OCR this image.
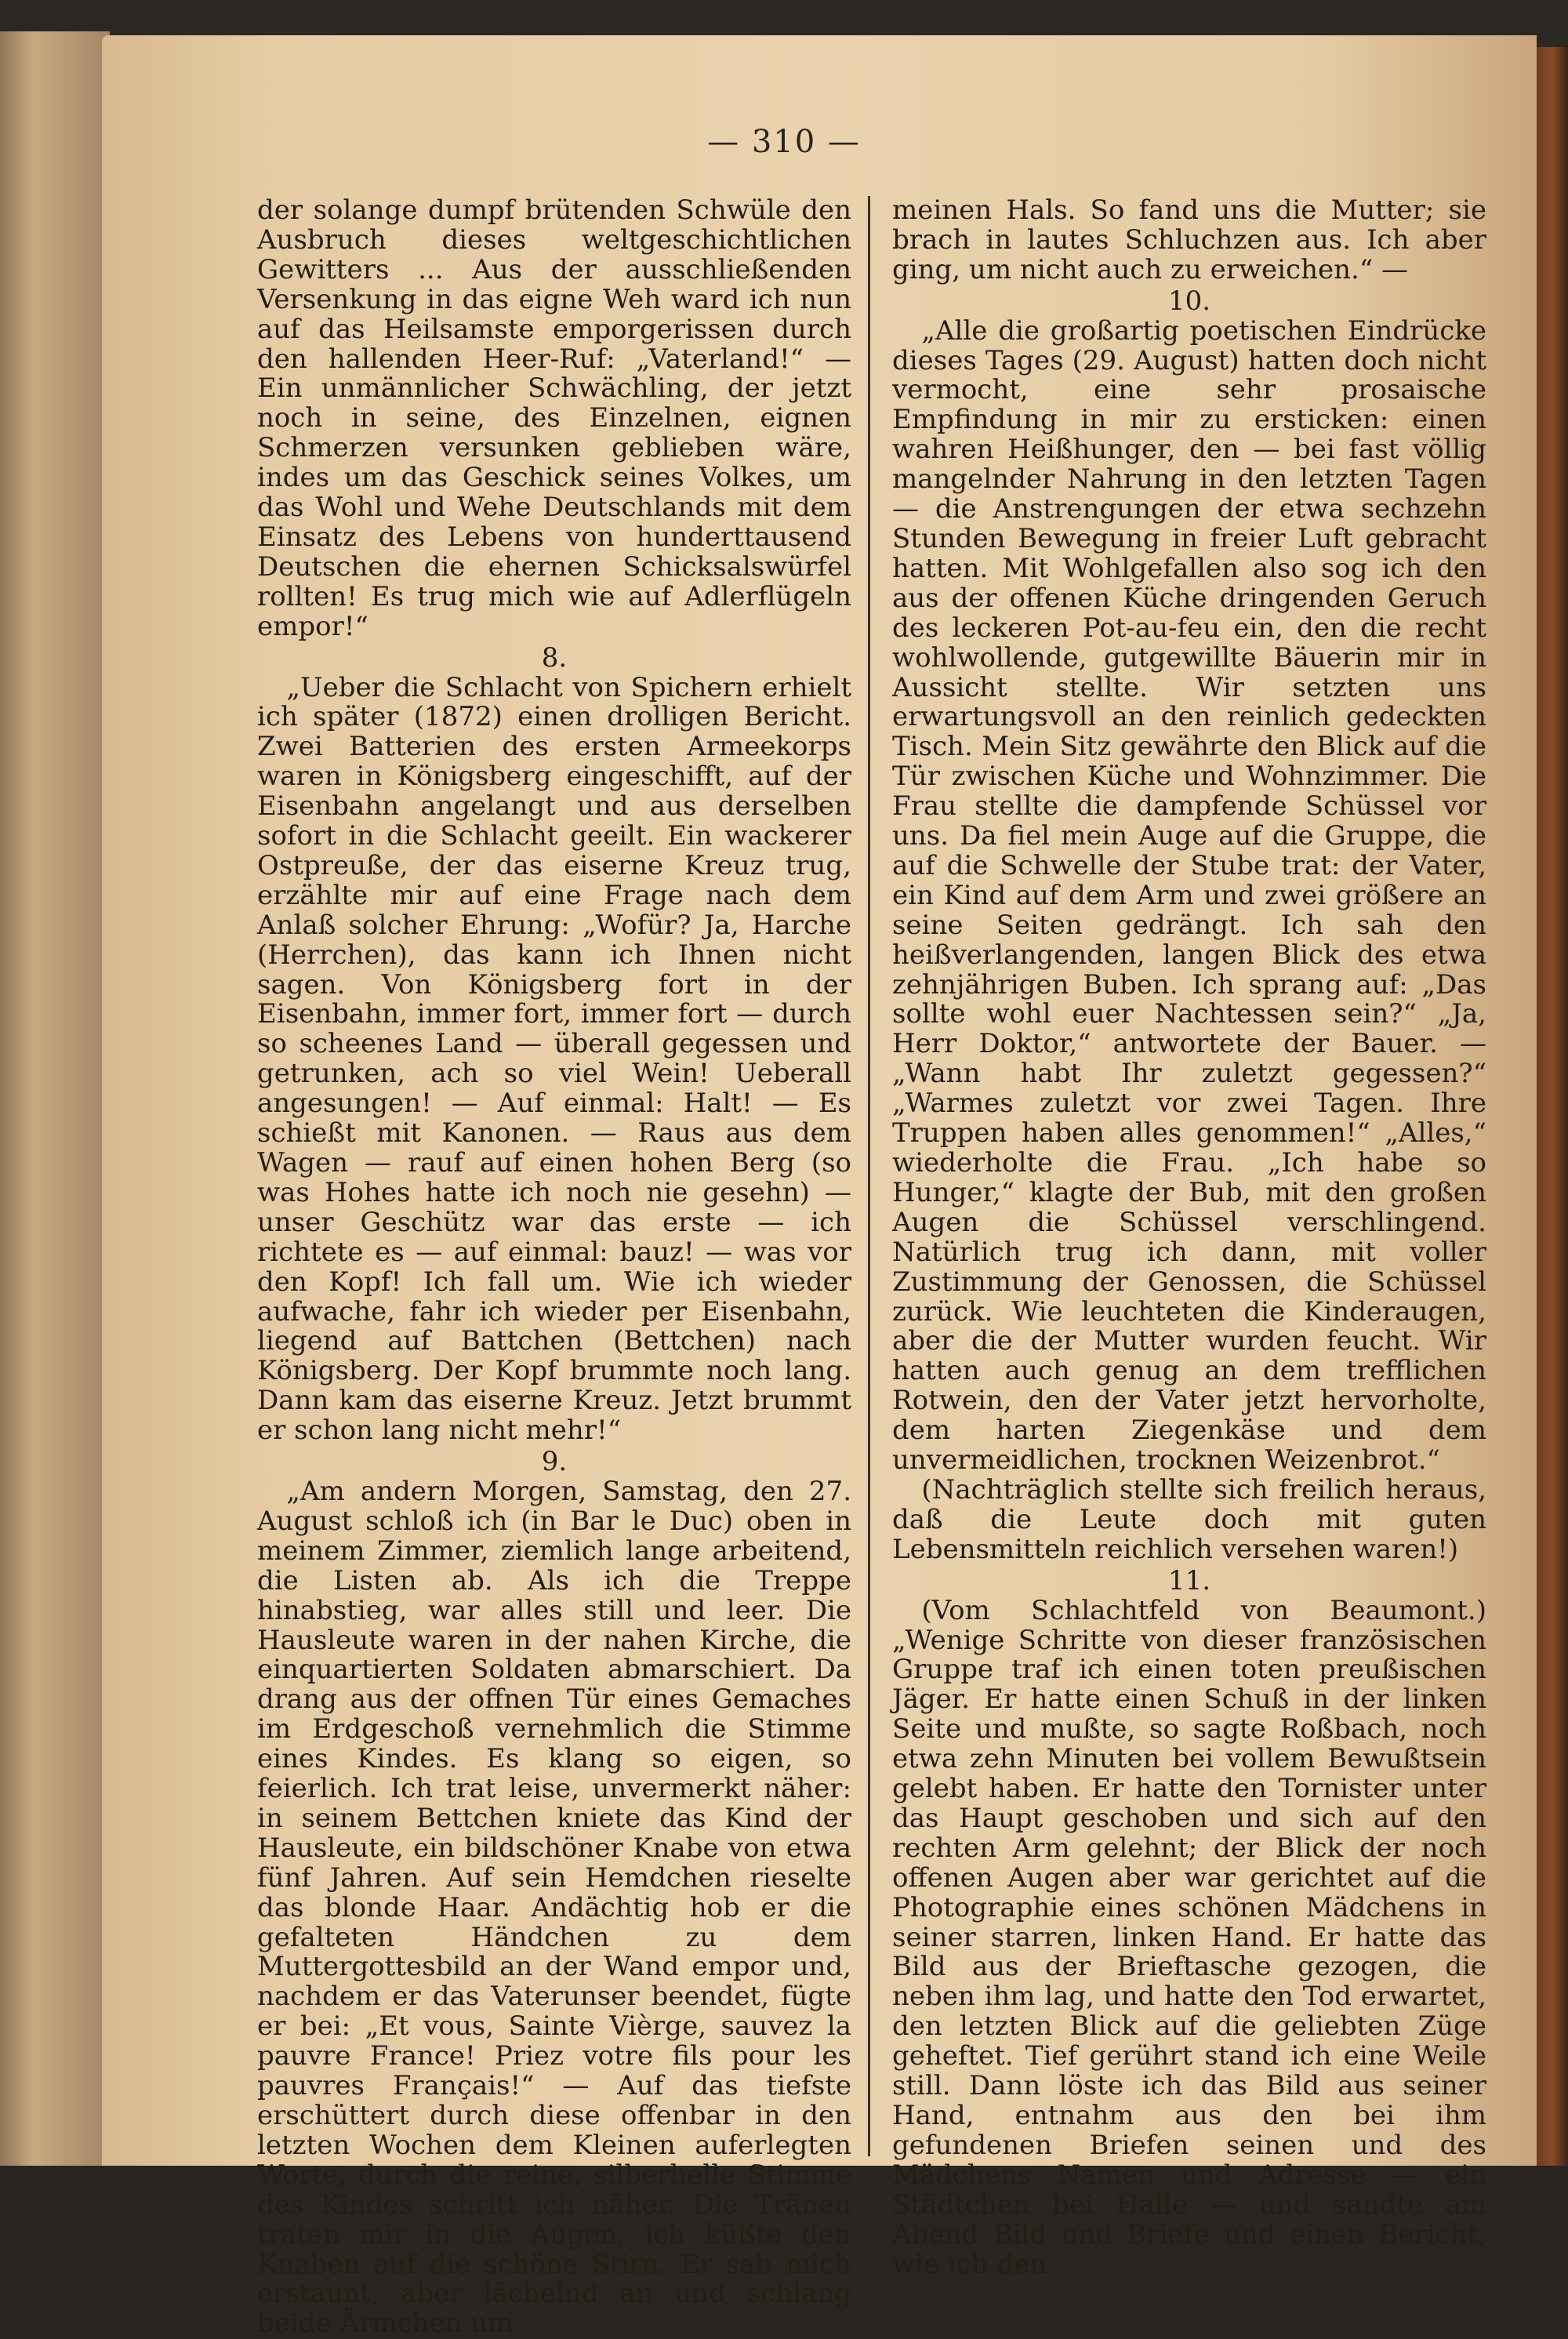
— 310 —

der solange dumpf brütenden Schwüle den Ausbruch dieses weltgeschichtlichen Gewitters ... Aus der ausschließenden Versenkung in das eigne Weh ward ich nun auf das Heilsamste emporgerissen durch den hallenden Heer-Ruf: „Vaterland!“ — Ein unmännlicher Schwächling, der jetzt noch in seine, des Einzelnen, eignen Schmerzen versunken geblieben wäre, indes um das Geschick seines Volkes, um das Wohl und Wehe Deutschlands mit dem Einsatz des Lebens von hunderttausend Deutschen die ehernen Schicksalswürfel rollten! Es trug mich wie auf Adlerflügeln empor!“

8.

„Ueber die Schlacht von Spichern erhielt ich später (1872) einen drolligen Bericht. Zwei Batterien des ersten Armeekorps waren in Königsberg eingeschifft, auf der Eisenbahn angelangt und aus derselben sofort in die Schlacht geeilt. Ein wackerer Ostpreuße, der das eiserne Kreuz trug, erzählte mir auf eine Frage nach dem Anlaß solcher Ehrung: „Wofür? Ja, Harche (Herrchen), das kann ich Ihnen nicht sagen. Von Königsberg fort in der Eisenbahn, immer fort, immer fort — durch so scheenes Land — überall gegessen und getrunken, ach so viel Wein! Ueberall angesungen! — Auf einmal: Halt! — Es schießt mit Kanonen. — Raus aus dem Wagen — rauf auf einen hohen Berg (so was Hohes hatte ich noch nie gesehn) — unser Geschütz war das erste — ich richtete es — auf einmal: bauz! — was vor den Kopf! Ich fall um. Wie ich wieder aufwache, fahr ich wieder per Eisenbahn, liegend auf Battchen (Bettchen) nach Königsberg. Der Kopf brummte noch lang. Dann kam das eiserne Kreuz. Jetzt brummt er schon lang nicht mehr!“

9.

„Am andern Morgen, Samstag, den 27. August schloß ich (in Bar le Duc) oben in meinem Zimmer, ziemlich lange arbeitend, die Listen ab. Als ich die Treppe hinabstieg, war alles still und leer. Die Hausleute waren in der nahen Kirche, die einquartierten Soldaten abmarschiert. Da drang aus der offnen Tür eines Gemaches im Erdgeschoß vernehmlich die Stimme eines Kindes. Es klang so eigen, so feierlich. Ich trat leise, unvermerkt näher: in seinem Bettchen kniete das Kind der Hausleute, ein bildschöner Knabe von etwa fünf Jahren. Auf sein Hemdchen rieselte das blonde Haar. Andächtig hob er die gefalteten Händchen zu dem Muttergottesbild an der Wand empor und, nachdem er das Vaterunser beendet, fügte er bei: „Et vous, Sainte Vièrge, sauvez la pauvre France! Priez votre fils pour les pauvres Français!“ — Auf das tiefste erschüttert durch diese offenbar in den letzten Wochen dem Kleinen auferlegten Worte, durch die reine, silberhelle Stimme des Kindes schritt ich näher. Die Tränen traten mir in die Augen, ich küßte den Knaben auf die schöne Stirn. Er sah mich erstaunt, aber lächelnd an und schlang beide Ärmchen um

meinen Hals. So fand uns die Mutter; sie brach in lautes Schluchzen aus. Ich aber ging, um nicht auch zu erweichen.“ —

10.

„Alle die großartig poetischen Eindrücke dieses Tages (29. August) hatten doch nicht vermocht, eine sehr prosaische Empfindung in mir zu ersticken: einen wahren Heißhunger, den — bei fast völlig mangelnder Nahrung in den letzten Tagen — die Anstrengungen der etwa sechzehn Stunden Bewegung in freier Luft gebracht hatten. Mit Wohlgefallen also sog ich den aus der offenen Küche dringenden Geruch des leckeren Pot-au-feu ein, den die recht wohlwollende, gutgewillte Bäuerin mir in Aussicht stellte. Wir setzten uns erwartungsvoll an den reinlich gedeckten Tisch. Mein Sitz gewährte den Blick auf die Tür zwischen Küche und Wohnzimmer. Die Frau stellte die dampfende Schüssel vor uns. Da fiel mein Auge auf die Gruppe, die auf die Schwelle der Stube trat: der Vater, ein Kind auf dem Arm und zwei größere an seine Seiten gedrängt. Ich sah den heißverlangenden, langen Blick des etwa zehnjährigen Buben. Ich sprang auf: „Das sollte wohl euer Nachtessen sein?“ „Ja, Herr Doktor,“ antwortete der Bauer. — „Wann habt Ihr zuletzt gegessen?“ „Warmes zuletzt vor zwei Tagen. Ihre Truppen haben alles genommen!“ „Alles,“ wiederholte die Frau. „Ich habe so Hunger,“ klagte der Bub, mit den großen Augen die Schüssel verschlingend. Natürlich trug ich dann, mit voller Zustimmung der Genossen, die Schüssel zurück. Wie leuchteten die Kinderaugen, aber die der Mutter wurden feucht. Wir hatten auch genug an dem trefflichen Rotwein, den der Vater jetzt hervorholte, dem harten Ziegenkäse und dem unvermeidlichen, trocknen Weizenbrot.“

(Nachträglich stellte sich freilich heraus, daß die Leute doch mit guten Lebensmitteln reichlich versehen waren!)

11.

(Vom Schlachtfeld von Beaumont.) „Wenige Schritte von dieser französischen Gruppe traf ich einen toten preußischen Jäger. Er hatte einen Schuß in der linken Seite und mußte, so sagte Roßbach, noch etwa zehn Minuten bei vollem Bewußtsein gelebt haben. Er hatte den Tornister unter das Haupt geschoben und sich auf den rechten Arm gelehnt; der Blick der noch offenen Augen aber war gerichtet auf die Photographie eines schönen Mädchens in seiner starren, linken Hand. Er hatte das Bild aus der Brieftasche gezogen, die neben ihm lag, und hatte den Tod erwartet, den letzten Blick auf die geliebten Züge geheftet. Tief gerührt stand ich eine Weile still. Dann löste ich das Bild aus seiner Hand, entnahm aus den bei ihm gefundenen Briefen seinen und des Mädchens Namen und Adresse — ein Städtchen bei Halle — und sandte am Abend Bild und Briefe und einen Bericht, wie ich den
